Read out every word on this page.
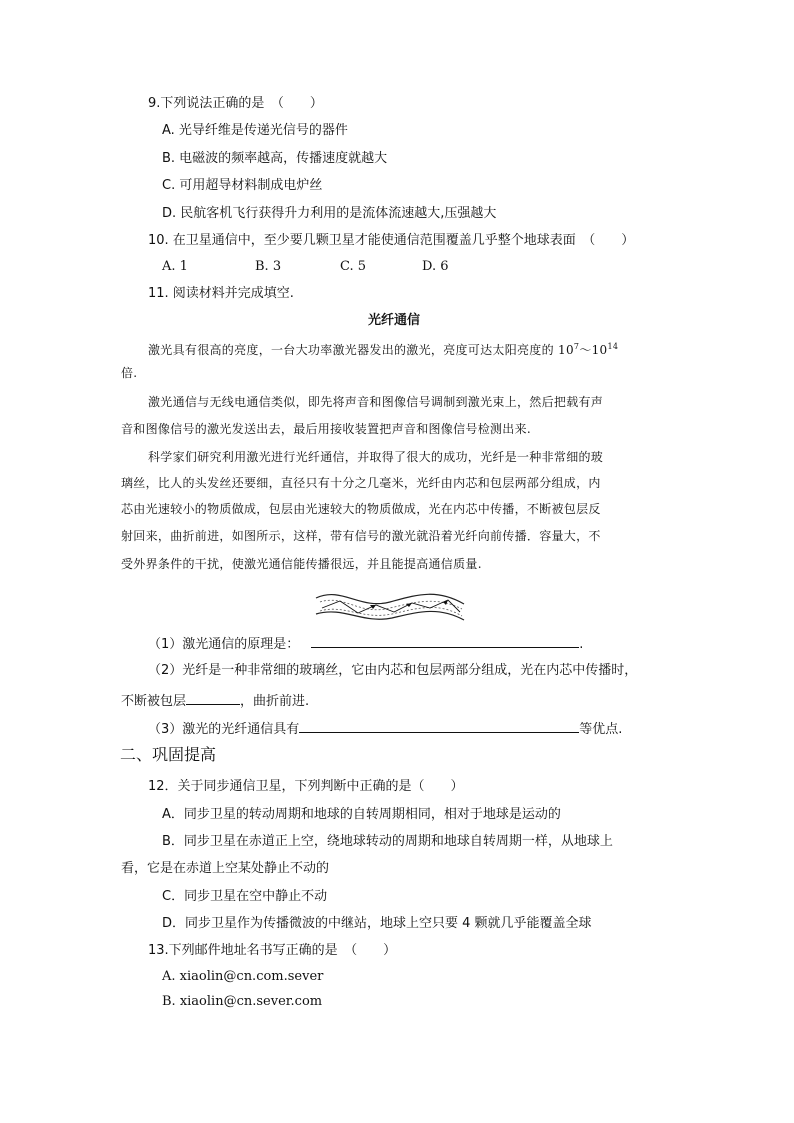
9.下列说法正确的是　（　　）
A. 光导纤维是传递光信号的器件
B. 电磁波的频率越高，传播速度就越大
C. 可用超导材料制成电炉丝
D. 民航客机飞行获得升力利用的是流体流速越大,压强越大
10. 在卫星通信中，至少要几颗卫星才能使通信范围覆盖几乎整个地球表面　（　　）
A. 1	B. 3	C. 5	D. 6
11. 阅读材料并完成填空.
光纤通信
激光具有很高的亮度，一台大功率激光器发出的激光，亮度可达太阳亮度的 $10^7\sim 10^{14}$
倍.
激光通信与无线电通信类似，即先将声音和图像信号调制到激光束上，然后把载有声
音和图像信号的激光发送出去，最后用接收装置把声音和图像信号检测出来.
科学家们研究利用激光进行光纤通信，并取得了很大的成功，光纤是一种非常细的玻
璃丝，比人的头发丝还要细，直径只有十分之几毫米，光纤由内芯和包层两部分组成，内
芯由光速较小的物质做成，包层由光速较大的物质做成，光在内芯中传播，不断被包层反
射回来，曲折前进，如图所示，这样，带有信号的激光就沿着光纤向前传播．容量大，不
受外界条件的干扰，使激光通信能传播很远，并且能提高通信质量.
（1）激光通信的原理是：	.
（2）光纤是一种非常细的玻璃丝，它由内芯和包层两部分组成，光在内芯中传播时，
不断被包层	，曲折前进.
（3）激光的光纤通信具有	等优点.
二、巩固提高
12．关于同步通信卫星，下列判断中正确的是（　　）
A．同步卫星的转动周期和地球的自转周期相同，相对于地球是运动的
B．同步卫星在赤道正上空，绕地球转动的周期和地球自转周期一样，从地球上
看，它是在赤道上空某处静止不动的
C．同步卫星在空中静止不动
D．同步卫星作为传播微波的中继站，地球上空只要 4 颗就几乎能覆盖全球
13.下列邮件地址名书写正确的是　（　　）
A. xiaolin@cn.com.sever
B. xiaolin@cn.sever.com
